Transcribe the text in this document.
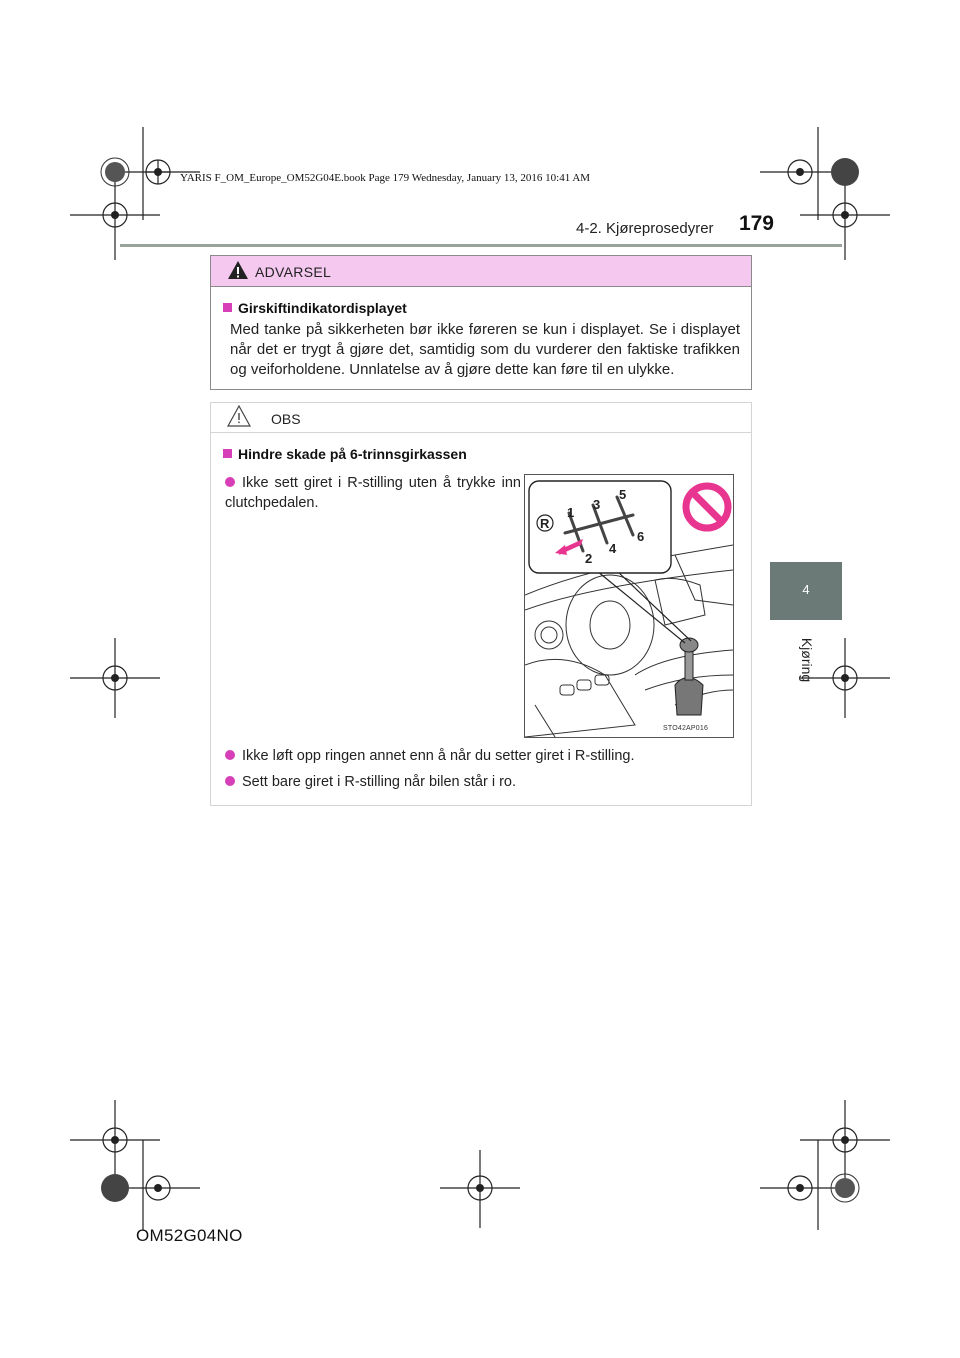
YARIS F_OM_Europe_OM52G04E.book Page 179 Wednesday, January 13, 2016 10:41 AM
4-2. Kjøreprosedyrer	179
4
Kjøring
ADVARSEL
Girskiftindikatordisplayet
Med tanke på sikkerheten bør ikke føreren se kun i displayet. Se i displayet når det er trygt å gjøre det, samtidig som du vurderer den faktiske trafikken og veiforholdene. Unnlatelse av å gjøre dette kan føre til en ulykke.
OBS
Hindre skade på 6-trinnsgirkassen
Ikke sett giret i R-stilling uten å trykke inn clutchpedalen.
Ikke løft opp ringen annet enn å når du setter giret i R-stilling.
Sett bare giret i R-stilling når bilen står i ro.
R
1
2
3
4
5
6
STO42AP016
OM52G04NO
